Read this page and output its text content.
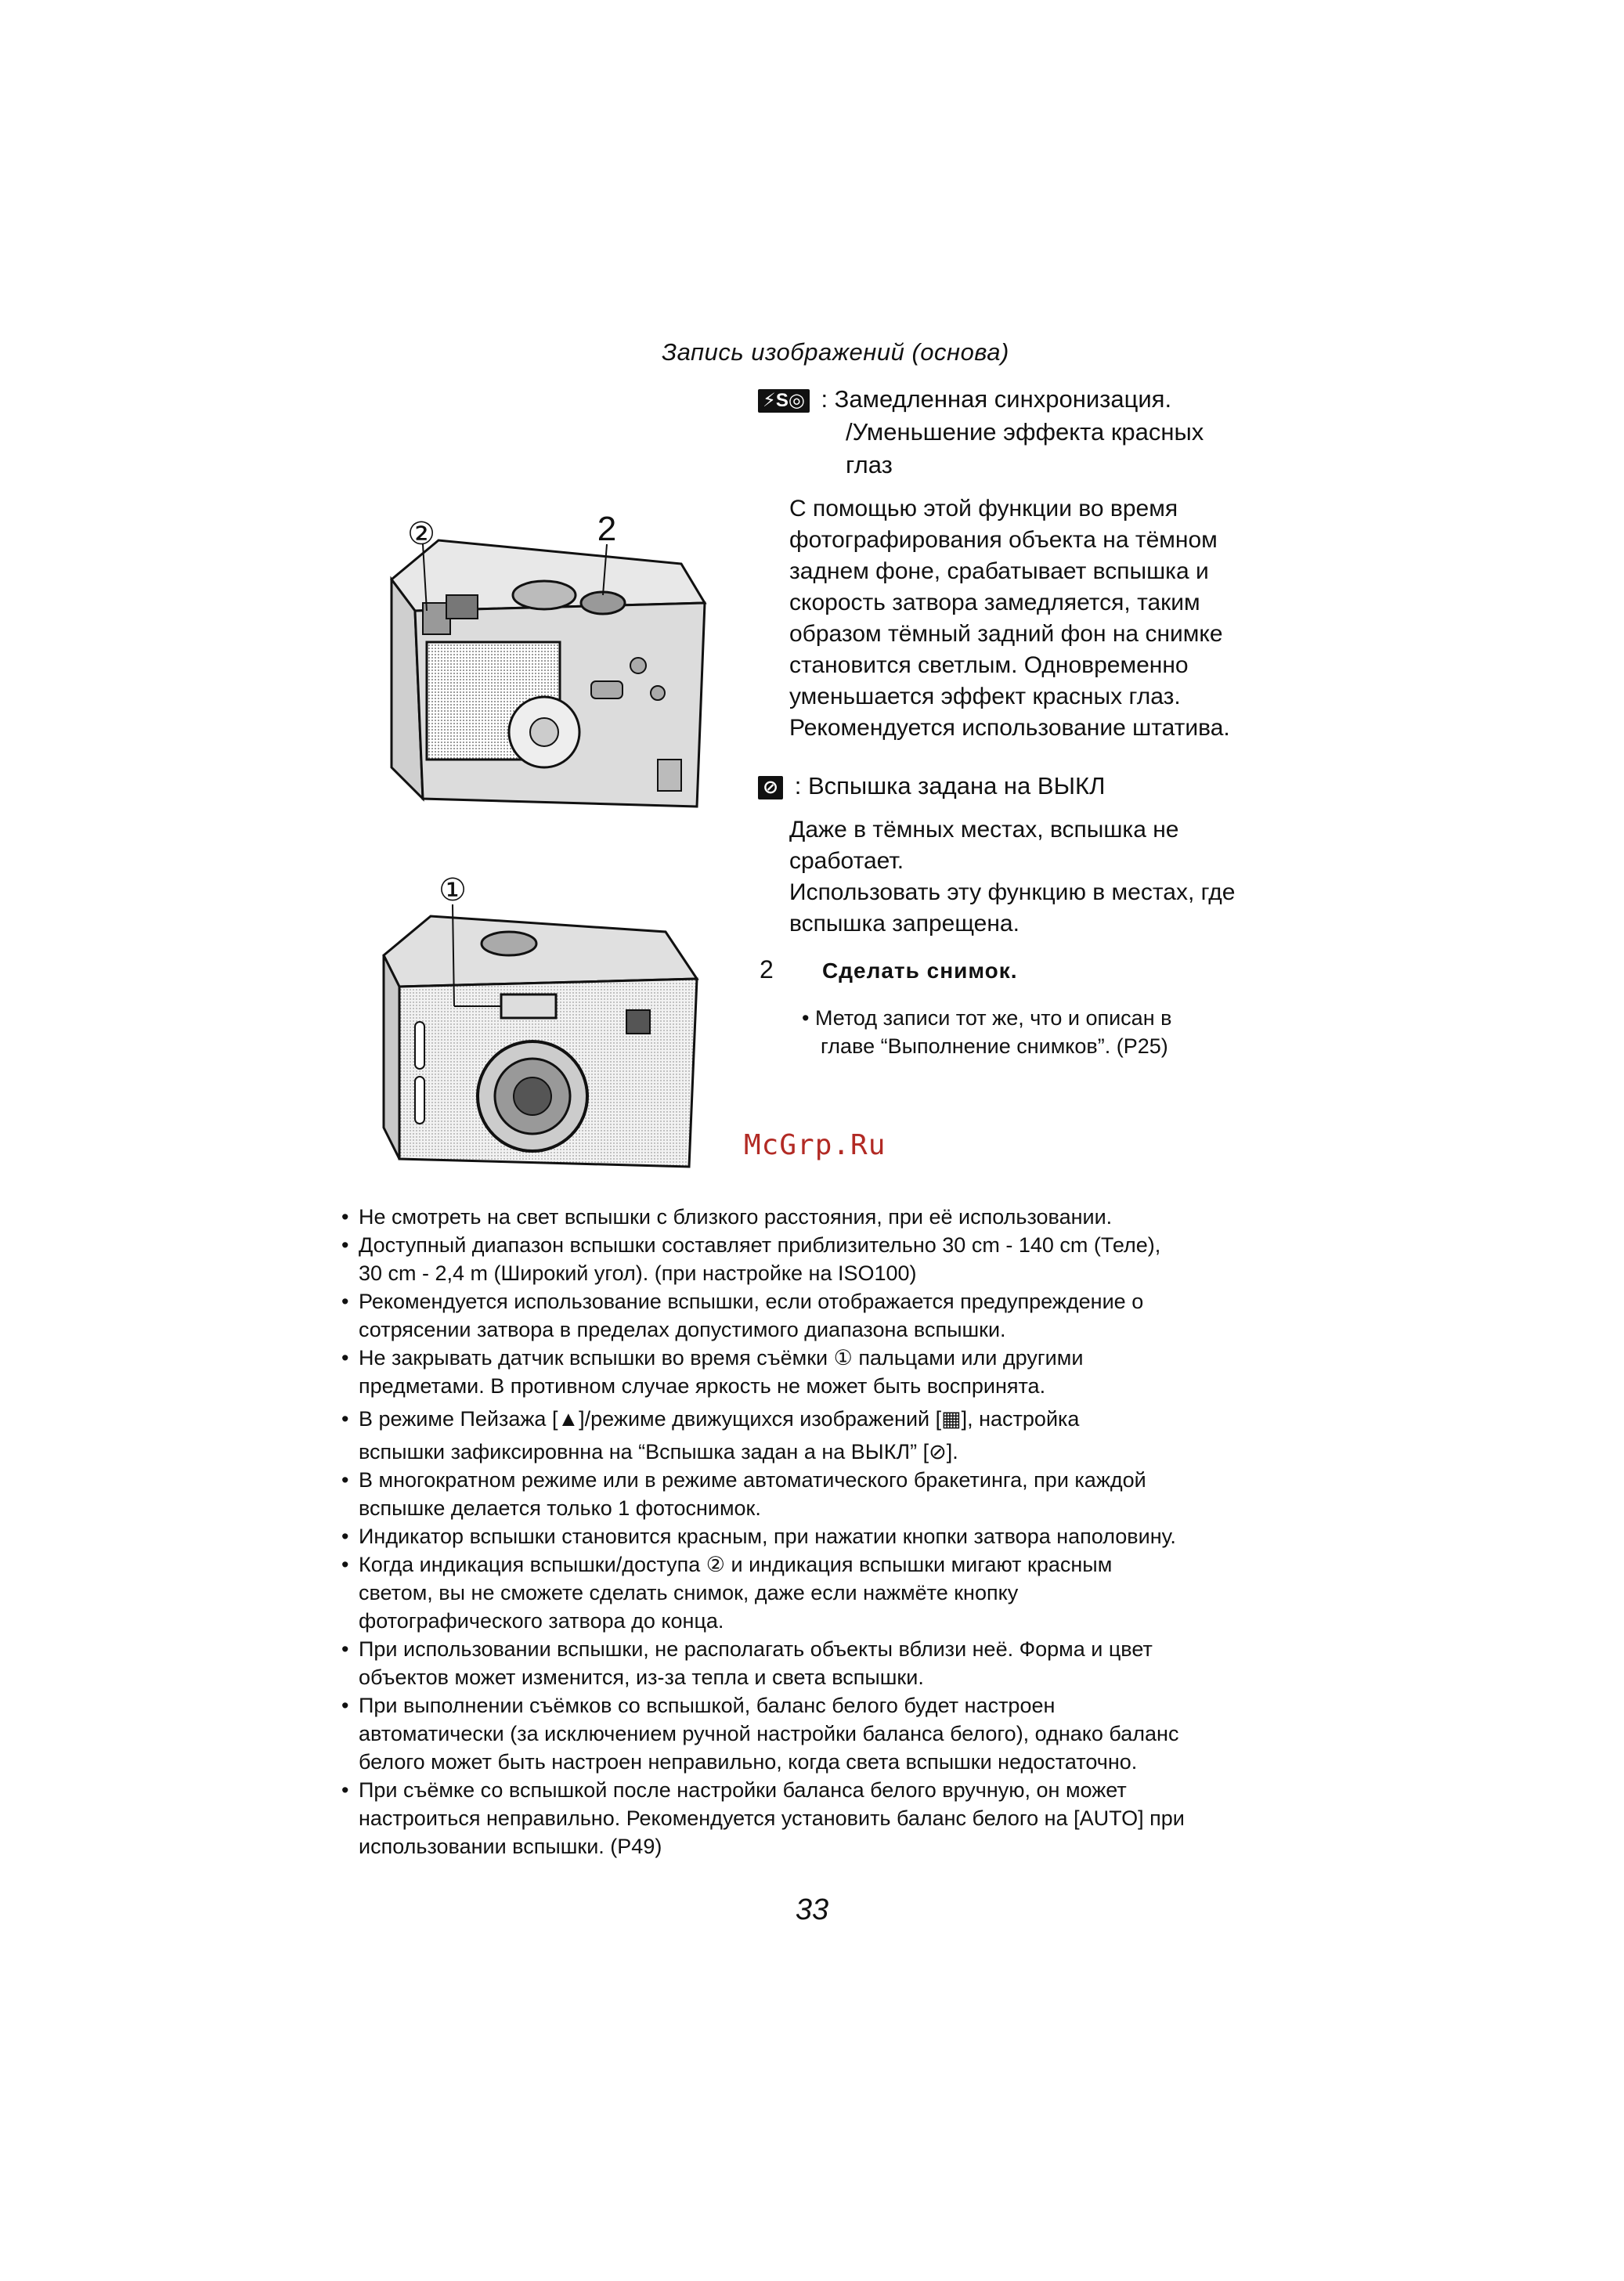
Запись изображений (основа)
⚡S◎ : Замедленная синхронизация.
/Уменьшение эффекта красных
глаз
С помощью этой функции во время
фотографирования объекта на тёмном
заднем фоне, срабатывает вспышка и
скорость затвора замедляется, таким
образом тёмный задний фон на снимке
становится светлым. Одновременно
уменьшается эффект красных глаз.
Рекомендуется использование штатива.
⊘ : Вспышка задана на ВЫКЛ
Даже в тёмных местах, вспышка не
сработает.
Использовать эту функцию в местах, где
вспышка запрещена.
2 Сделать снимок.
• Метод записи тот же, что и описан в
главе “Выполнение снимков”. (P25)
②	2
①
McGrp.Ru
• Не смотреть на свет вспышки с близкого расстояния, при её использовании.
• Доступный диапазон вспышки составляет приблизительно 30 cm - 140 cm (Теле),
30 cm - 2,4 m (Широкий угол). (при настройке на ISO100)
• Рекомендуется использование вспышки, если отображается предупреждение о
сотрясении затвора в пределах допустимого диапазона вспышки.
• Не закрывать датчик вспышки во время съёмки ① пальцами или другими
предметами. В противном случае яркость не может быть воспринята.
• В режиме Пейзажа [▲]/режиме движущихся изображений [▦], настройка
вспышки зафиксировнна на “Вспышка задан а на ВЫКЛ” [⊘].
• В многократном режиме или в режиме автоматического бракетинга, при каждой
вспышке делается только 1 фотоснимок.
• Индикатор вспышки становится красным, при нажатии кнопки затвора наполовину.
• Когда индикация вспышки/доступа ② и индикация вспышки мигают красным
светом, вы не сможете сделать снимок, даже если нажмёте кнопку
фотографического затвора до конца.
• При использовании вспышки, не располагать объекты вблизи неё. Форма и цвет
объектов может изменится, из-за тепла и света вспышки.
• При выполнении съёмков со вспышкой, баланс белого будет настроен
автоматически (за исключением ручной настройки баланса белого), однако баланс
белого может быть настроен неправильно, когда света вспышки недостаточно.
• При съёмке со вспышкой после настройки баланса белого вручную, он может
настроиться неправильно. Рекомендуется установить баланс белого на [AUTO] при
использовании вспышки. (P49)
33
